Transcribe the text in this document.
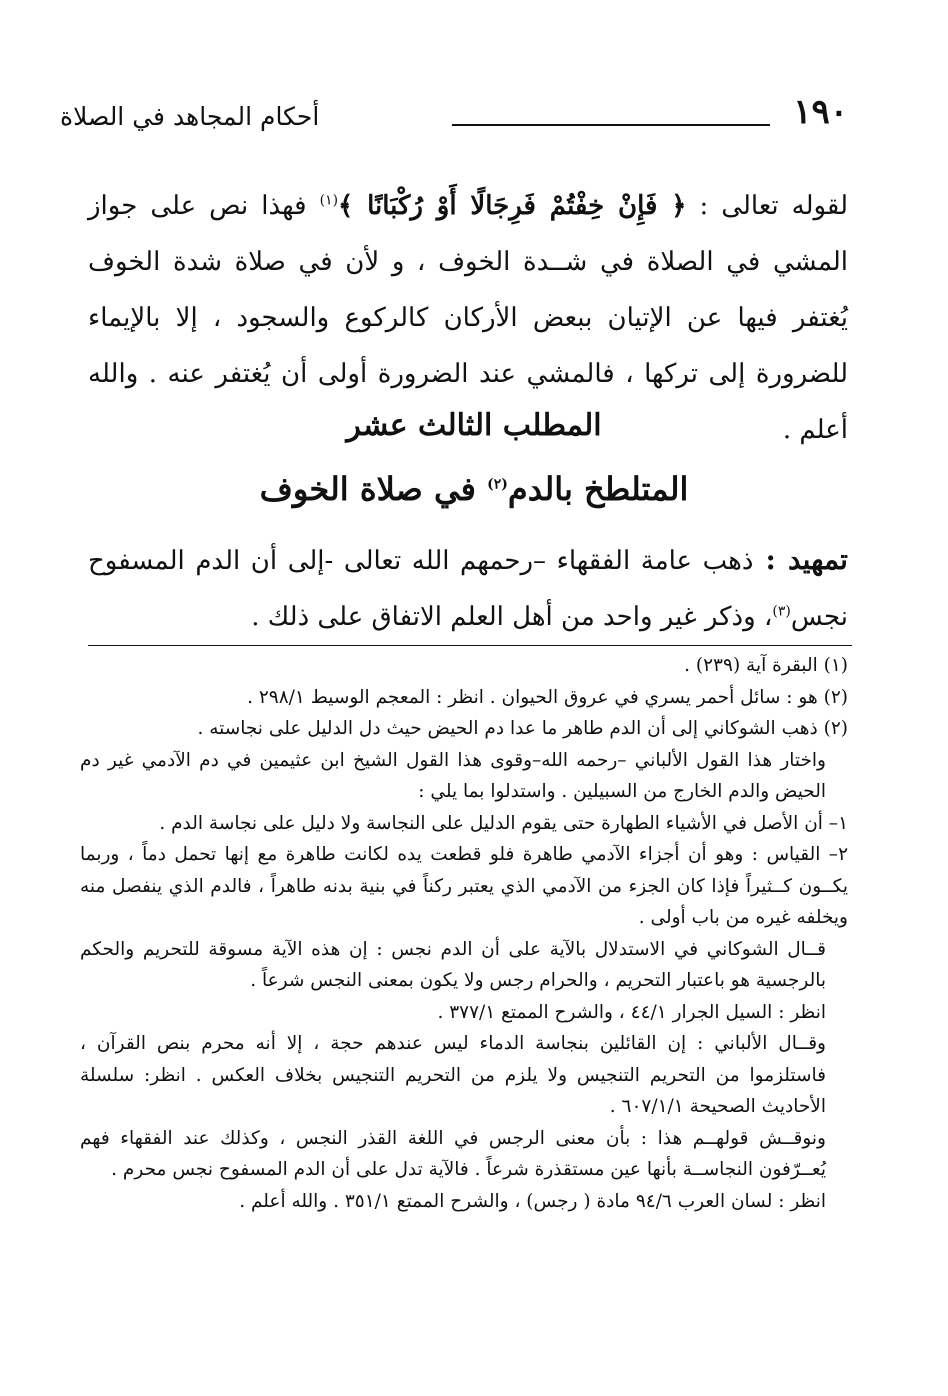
١٩٠
أحكام المجاهد في الصلاة

لقوله تعالى : ﴿ فَإِنْ خِفْتُمْ فَرِجَالًا أَوْ رُكْبَانًا ﴾$^{(١)}$ فهذا نص على جواز المشي في الصلاة في شــدة الخوف ، و لأن في صلاة شدة الخوف يُغتفر فيها عن الإتيان ببعض الأركان كالركوع والسجود ، إلا بالإيماء للضرورة إلى تركها ، فالمشي عند الضرورة أولى أن يُغتفر عنه . والله أعلم .

المطلب الثالث عشر
المتلطخ بالدم$^{(٢)}$ في صلاة الخوف

تمهيد : ذهب عامة الفقهاء –رحمهم الله تعالى -إلى أن الدم المسفوح نجس$^{(٣)}$، وذكر غير واحد من أهل العلم الاتفاق على ذلك .

(١) البقرة آية (٢٣٩) .
(٢) هو : سائل أحمر يسري في عروق الحيوان . انظر : المعجم الوسيط ٢٩٨/١ .
(٢) ذهب الشوكاني إلى أن الدم طاهر ما عدا دم الحيض حيث دل الدليل على نجاسته .
واختار هذا القول الألباني –رحمه الله–وقوى هذا القول الشيخ ابن عثيمين في دم الآدمي غير دم الحيض والدم الخارج من السبيلين . واستدلوا بما يلي :
١– أن الأصل في الأشياء الطهارة حتى يقوم الدليل على النجاسة ولا دليل على نجاسة الدم .
٢– القياس : وهو أن أجزاء الآدمي طاهرة فلو قطعت يده لكانت طاهرة مع إنها تحمل دماً ، وربما يكــون كــثيراً فإذا كان الجزء من الآدمي الذي يعتبر ركناً في بنية بدنه طاهراً ، فالدم الذي ينفصل منه ويخلفه غيره من باب أولى .
قــال الشوكاني في الاستدلال بالآية على أن الدم نجس : إن هذه الآية مسوقة للتحريم والحكم بالرجسية هو باعتبار التحريم ، والحرام رجس ولا يكون بمعنى النجس شرعاً .
انظر : السيل الجرار ٤٤/١ ، والشرح الممتع ٣٧٧/١ .
وقــال الألباني : إن القائلين بنجاسة الدماء ليس عندهم حجة ، إلا أنه محرم بنص القرآن ، فاستلزموا من التحريم التنجيس ولا يلزم من التحريم التنجيس بخلاف العكس . انظر: سلسلة الأحاديث الصحيحة ٦٠٧/١/١ .
ونوقــش قولهــم هذا : بأن معنى الرجس في اللغة القذر النجس ، وكذلك عند الفقهاء فهم يُعــرّفون النجاســة بأنها عين مستقذرة شرعاً . فالآية تدل على أن الدم المسفوح نجس محرم .
انظر : لسان العرب ٩٤/٦ مادة ( رجس) ، والشرح الممتع ٣٥١/١ . والله أعلم .
